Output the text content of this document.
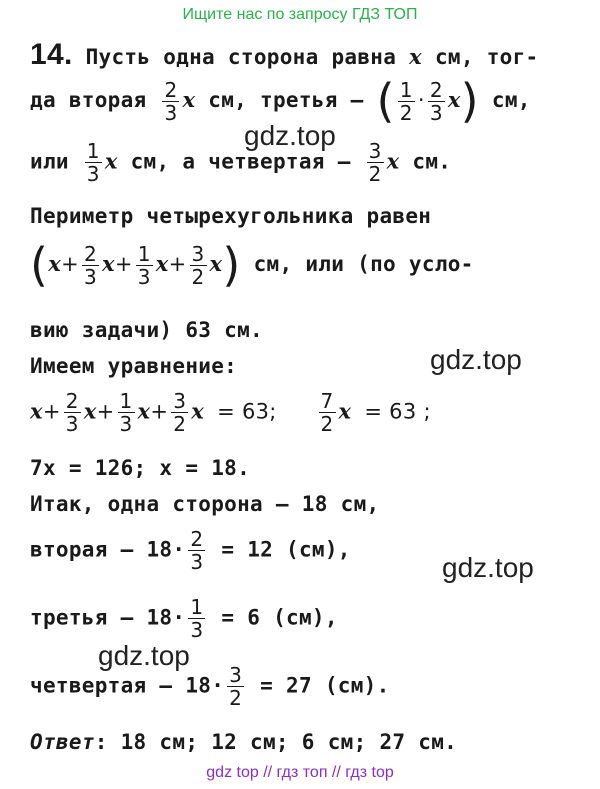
Ищите нас по запросу ГДЗ ТОП
14. Пусть одна сторона равна x см, тог-
да вторая $\frac{2}{3}$ x см, третья — ( $\frac{1}{2} \cdot \frac{2}{3} x$) см,
gdz.top
или $\frac{1}{3}$ x см, а четвертая — $\frac{3}{2}$ x см.
Периметр четырехугольника равен
$(x+ \frac{2}{3} x+ \frac{1}{3} x+ \frac{3}{2} x)$ см, или (по усло-
вию задачи) 63 см.
Имеем уравнение:	gdz.top
$x+ \frac{2}{3} x+ \frac{1}{3} x+ \frac{3}{2}$ x = 63; $\frac{7}{2}$ x = 63 ;
7x = 126; x = 18.
Итак, одна сторона — 18 см,
вторая — $18\cdot \frac{2}{3} = 12$ (см),
gdz.top
третья — $18\cdot \frac{1}{3} = 6$ (см),
gdz.top
четвертая — $18\cdot \frac{3}{2} = 27$ (см).
Ответ: 18 см; 12 см; 6 см; 27 см.
gdz top // гдз топ // гдз top
